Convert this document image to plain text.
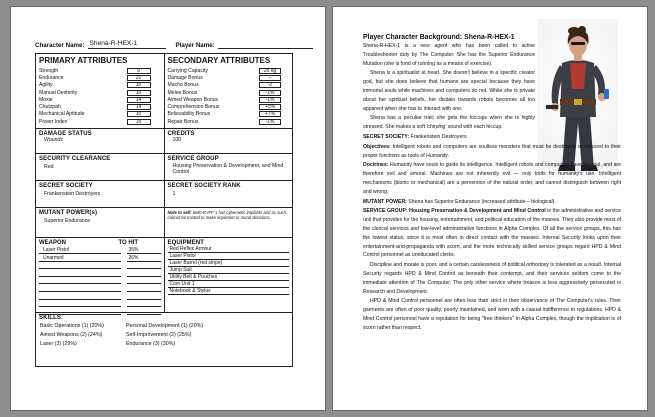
Character Name: Shena-R-HEX-1	Player Name:
PRIMARY ATTRIBUTES
Strength	9
Endurance	21
Agility	10
Manual Dexterity	10
Moxie	14
Chutzpah	14
Mechanical Aptitude	10
Power Index	15
SECONDARY ATTRIBUTES
Carrying Capacity	25 kg
Damage Bonus	–
Macho Bonus	-2
Melee Bonus	-1%
Aimed Weapon Bonus	-1%
Comprehension Bonus	+5%
Believability Bonus	+7%
Repair Bonus	-1%
DAMAGE STATUS
Wounds
CREDITS
100
SECURITY CLEARANCE
Red
SERVICE GROUP
Housing Preservation & Development, and Mind Control
SECRET SOCIETY
Frankenstein Destroyers
SECRET SOCIETY RANK
1
MUTANT POWER(s)
Superior Endurance
Note to self: Beth-R-IFF-1 has cybernetic implants and as such, cannot be trusted to make important or moral decisions.
WEAPON	TO HIT
Laser Pistol	35%
Unarmed	26%
EQUIPMENT
Red Reflec Armour
Laser Pistol
Laser Barrel (red stripe)
Jump Suit
Utility Belt & Pouches
Com Unit 1
Notebook & Stylus
SKILLS:
Basic Operations (1) (20%)	Personal Development (1) (20%)
Aimed Weapons (2) (24%)	Self-Improvement (2) (25%)
Laser (3) (29%)	Endurance (3) (30%)
Player Character Background: Shena-R-HEX-1

Shena-R-HEX-1 is a new agent who has been called to active Troubleshooter duty by The Computer. She has the Superior Endurance Mutation (she is fond of running as a means of exercise).

Shena is a spiritualist at heart. She doesn't believe in a specific creator god, but she does believe that humans are special because they have immortal souls while machines and computers do not. While she is private about her spiritual beliefs, her disdain towards robots becomes all too apparent when she has to interact with one.

Shena has a peculiar trait; she gets the hiccups when she is highly stressed. She makes a soft 'chirping' sound with each hiccup.

SECRET SOCIETY: Frankenstein Destroyers

Objectives: Intelligent robots and computers are soulless monsters that must be destroyed or reduced to their proper functions as tools of Humanity.

Doctrines: Humanity have souls to guide its intelligence. Intelligent robots and computers have no soul, and are therefore evil and amoral. Machines are not inherently evil — only tools for humanity's use. Intelligent mechanisms (bionic or mechanical) are a perversion of the natural order, and cannot distinguish between right and wrong.

MUTANT POWER: Shena has Superior Endurance (increased attribute – biological).

SERVICE GROUP: Housing Preservation & Development and Mind Control is the administrative and service unit that provides for the housing, entertainment, and political education of the masses. They also provide most of the clerical services and low-level administrative functions in Alpha Complex. Of all the service groups, this has the lowest status, since it is most often in direct contact with the masses. Internal Security looks upon their entertainment-and-propaganda with scorn, and the more technically skilled service groups regard HPD & Mind Control personnel as uneducated clerks.

Discipline and morale is poor, and a certain carelessness of political orthodoxy is tolerated as a result. Internal Security regards HPD & Mind Control as beneath their contempt, and their services seldom come to the immediate attention of The Computer. The only other service where treason is less aggressively persecuted is Research and Development.

HPD & Mind Control personnel are often less than strict in their observance of The Computer's rules. Their garments are often of poor quality, poorly maintained, and worn with a casual indifference to regulations. HPD & Mind Control personnel have a reputation for being "free thinkers" in Alpha Complex, though the implication is of scorn rather than respect.
